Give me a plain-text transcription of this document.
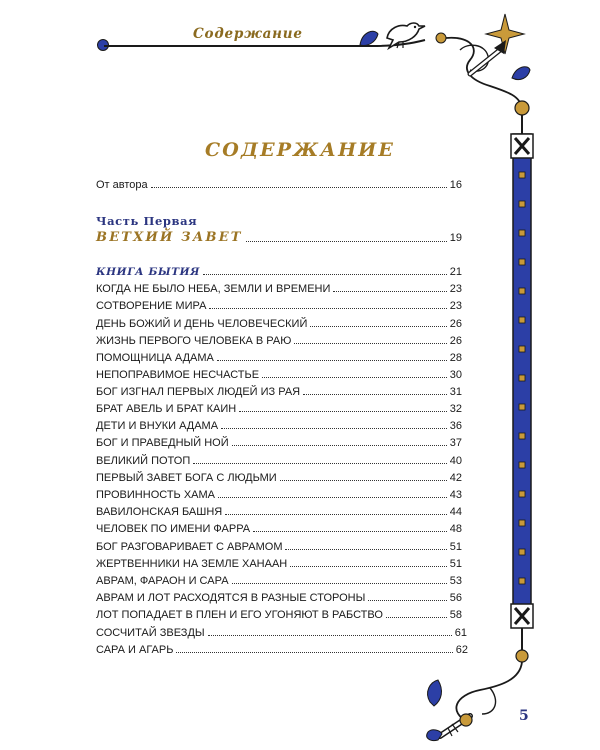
Содержание
СОДЕРЖАНИЕ
От автора	16
Часть Первая
ВЕТХИЙ ЗАВЕТ	19
КНИГА БЫТИЯ	21
КОГДА НЕ БЫЛО НЕБА, ЗЕМЛИ И ВРЕМЕНИ	23
СОТВОРЕНИЕ МИРА	23
ДЕНЬ БОЖИЙ И ДЕНЬ ЧЕЛОВЕЧЕСКИЙ	26
ЖИЗНЬ ПЕРВОГО ЧЕЛОВЕКА В РАЮ	26
ПОМОЩНИЦА АДАМА	28
НЕПОПРАВИМОЕ НЕСЧАСТЬЕ	30
БОГ ИЗГНАЛ ПЕРВЫХ ЛЮДЕЙ ИЗ РАЯ	31
БРАТ АВЕЛЬ И БРАТ КАИН	32
ДЕТИ И ВНУКИ АДАМА	36
БОГ И ПРАВЕДНЫЙ НОЙ	37
ВЕЛИКИЙ ПОТОП	40
ПЕРВЫЙ ЗАВЕТ БОГА С ЛЮДЬМИ	42
ПРОВИННОСТЬ ХАМА	43
ВАВИЛОНСКАЯ БАШНЯ	44
ЧЕЛОВЕК ПО ИМЕНИ ФАРРА	48
БОГ РАЗГОВАРИВАЕТ С АВРАМОМ	51
ЖЕРТВЕННИКИ НА ЗЕМЛЕ ХАНААН	51
АВРАМ, ФАРАОН И САРА	53
АВРАМ И ЛОТ РАСХОДЯТСЯ В РАЗНЫЕ СТОРОНЫ	56
ЛОТ ПОПАДАЕТ В ПЛЕН И ЕГО УГОНЯЮТ В РАБСТВО	58
СОСЧИТАЙ ЗВЕЗДЫ	61
САРА И АГАРЬ	62
5
